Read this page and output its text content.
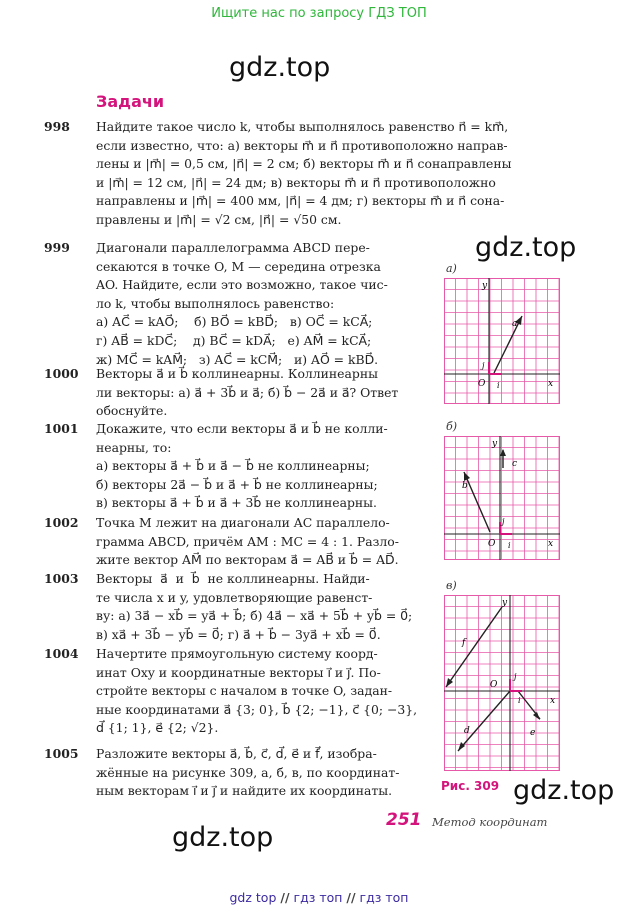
Ищите нас по запросу ГДЗ ТОП
gdz.top
gdz.top
gdz.top
gdz.top
Задачи
998 Найдите такое число k, чтобы выполнялось равенство n⃗ = km⃗,
если известно, что: а) векторы m⃗ и n⃗ противоположно направ-
лены и |m⃗| = 0,5 см, |n⃗| = 2 см; б) векторы m⃗ и n⃗ сонаправлены
и |m⃗| = 12 см, |n⃗| = 24 дм; в) векторы m⃗ и n⃗ противоположно
направлены и |m⃗| = 400 мм, |n⃗| = 4 дм; г) векторы m⃗ и n⃗ сона-
правлены и |m⃗| = √2 см, |n⃗| = √50 см.
999 Диагонали параллелограмма ABCD пере-
секаются в точке O, M — середина отрезка
AO. Найдите, если это возможно, такое чис-
ло k, чтобы выполнялось равенство:
а) AC⃗ = kAO⃗;    б) BO⃗ = kBD⃗;   в) OC⃗ = kCA⃗;
г) AB⃗ = kDC⃗;    д) BC⃗ = kDA⃗;   е) AM⃗ = kCA⃗;
ж) MC⃗ = kAM⃗;   з) AC⃗ = kCM⃗;   и) AO⃗ = kBD⃗.
1000 Векторы a⃗ и b⃗ коллинеарны. Коллинеарны
ли векторы: а) a⃗ + 3b⃗ и a⃗; б) b⃗ − 2a⃗ и a⃗? Ответ
обоснуйте.
1001 Докажите, что если векторы a⃗ и b⃗ не колли-
неарны, то:
а) векторы a⃗ + b⃗ и a⃗ − b⃗ не коллинеарны;
б) векторы 2a⃗ − b⃗ и a⃗ + b⃗ не коллинеарны;
в) векторы a⃗ + b⃗ и a⃗ + 3b⃗ не коллинеарны.
1002 Точка M лежит на диагонали AC параллело-
грамма ABCD, причём AM : MC = 4 : 1. Разло-
жите вектор AM⃗ по векторам a⃗ = AB⃗ и b⃗ = AD⃗.
1003 Векторы  a⃗  и  b⃗  не коллинеарны. Найди-
те числа x и y, удовлетворяющие равенст-
ву: а) 3a⃗ − xb⃗ = ya⃗ + b⃗; б) 4a⃗ − xa⃗ + 5b⃗ + yb⃗ = 0⃗;
в) xa⃗ + 3b⃗ − yb⃗ = 0⃗; г) a⃗ + b⃗ − 3ya⃗ + xb⃗ = 0⃗.
1004 Начертите прямоугольную систему коорд-
инат Oxy и координатные векторы i⃗ и j⃗. По-
стройте векторы с началом в точке O, задан-
ные координатами a⃗ {3; 0}, b⃗ {2; −1}, c⃗ {0; −3},
d⃗ {1; 1}, e⃗ {2; √2}.
1005 Разложите векторы a⃗, b⃗, c⃗, d⃗, e⃗ и f⃗, изобра-
жённые на рисунке 309, а, б, в, по координат-
ным векторам i⃗ и j⃗ и найдите их координаты.
а)
y
x
O
j
i
a
б)
y
x
O
j
i
b
c
в)
y
x
O
j
i
f
d	e
Рис. 309
251 Метод координат
gdz top // гдз топ // гдз топ
